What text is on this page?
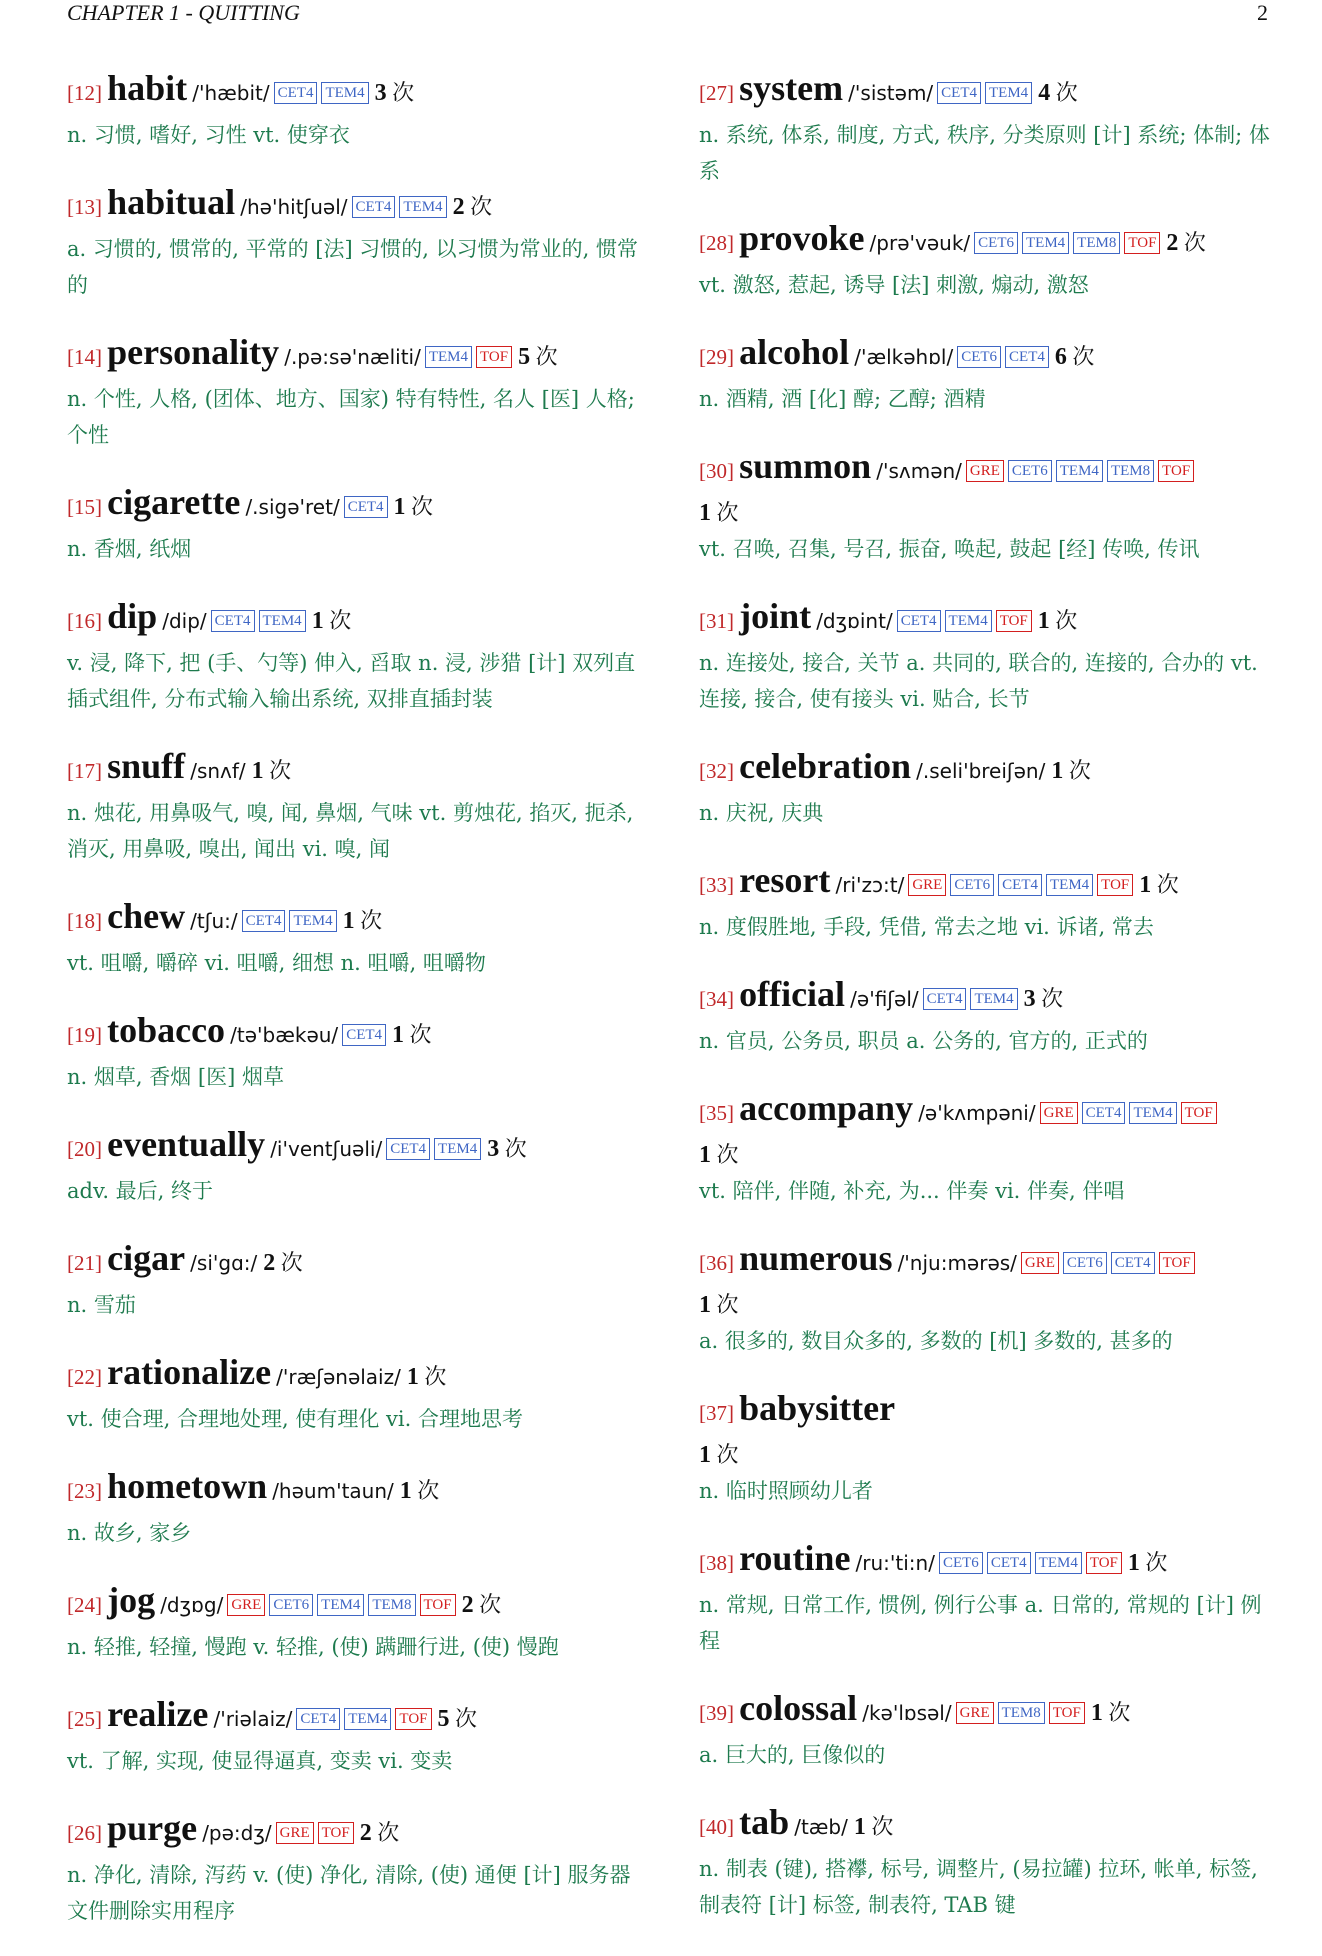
CHAPTER 1 - QUITTING	2
[12] habit /'hæbit/ CET4 TEM4 3 次
n. 习惯, 嗜好, 习性 vt. 使穿衣
[13] habitual /hə'hitʃuəl/ CET4 TEM4 2 次
a. 习惯的, 惯常的, 平常的 [法] 习惯的, 以习惯为常业的, 惯常的
[14] personality /.pə:sə'næliti/ TEM4 TOF 5 次
n. 个性, 人格, (团体、地方、国家) 特有特性, 名人 [医] 人格; 个性
[15] cigarette /.sigə'ret/ CET4 1 次
n. 香烟, 纸烟
[16] dip /dip/ CET4 TEM4 1 次
v. 浸, 降下, 把 (手、勺等) 伸入, 舀取 n. 浸, 涉猎 [计] 双列直插式组件, 分布式输入输出系统, 双排直插封装
[17] snuff /snʌf/ 1 次
n. 烛花, 用鼻吸气, 嗅, 闻, 鼻烟, 气味 vt. 剪烛花, 掐灭, 扼杀, 消灭, 用鼻吸, 嗅出, 闻出 vi. 嗅, 闻
[18] chew /tʃu:/ CET4 TEM4 1 次
vt. 咀嚼, 嚼碎 vi. 咀嚼, 细想 n. 咀嚼, 咀嚼物
[19] tobacco /tə'bækəu/ CET4 1 次
n. 烟草, 香烟 [医] 烟草
[20] eventually /i'ventʃuəli/ CET4 TEM4 3 次
adv. 最后, 终于
[21] cigar /si'gɑ:/ 2 次
n. 雪茄
[22] rationalize /'ræʃənəlaiz/ 1 次
vt. 使合理, 合理地处理, 使有理化 vi. 合理地思考
[23] hometown /həum'taun/ 1 次
n. 故乡, 家乡
[24] jog /dʒɒg/ GRE CET6 TEM4 TEM8 TOF 2 次
n. 轻推, 轻撞, 慢跑 v. 轻推, (使) 蹒跚行进, (使) 慢跑
[25] realize /'riəlaiz/ CET4 TEM4 TOF 5 次
vt. 了解, 实现, 使显得逼真, 变卖 vi. 变卖
[26] purge /pə:dʒ/ GRE TOF 2 次
n. 净化, 清除, 泻药 v. (使) 净化, 清除, (使) 通便 [计] 服务器文件删除实用程序
[27] system /'sistəm/ CET4 TEM4 4 次
n. 系统, 体系, 制度, 方式, 秩序, 分类原则 [计] 系统; 体制; 体系
[28] provoke /prə'vəuk/ CET6 TEM4 TEM8 TOF 2 次
vt. 激怒, 惹起, 诱导 [法] 刺激, 煽动, 激怒
[29] alcohol /'ælkəhɒl/ CET6 CET4 6 次
n. 酒精, 酒 [化] 醇; 乙醇; 酒精
[30] summon /'sʌmən/ GRE CET6 TEM4 TEM8 TOF
1 次
vt. 召唤, 召集, 号召, 振奋, 唤起, 鼓起 [经] 传唤, 传讯
[31] joint /dʒɒint/ CET4 TEM4 TOF 1 次
n. 连接处, 接合, 关节 a. 共同的, 联合的, 连接的, 合办的 vt. 连接, 接合, 使有接头 vi. 贴合, 长节
[32] celebration /.seli'breiʃən/ 1 次
n. 庆祝, 庆典
[33] resort /ri'zɔ:t/ GRE CET6 CET4 TEM4 TOF 1 次
n. 度假胜地, 手段, 凭借, 常去之地 vi. 诉诸, 常去
[34] official /ə'fiʃəl/ CET4 TEM4 3 次
n. 官员, 公务员, 职员 a. 公务的, 官方的, 正式的
[35] accompany /ə'kʌmpəni/ GRE CET4 TEM4 TOF
1 次
vt. 陪伴, 伴随, 补充, 为... 伴奏 vi. 伴奏, 伴唱
[36] numerous /'nju:mərəs/ GRE CET6 CET4 TOF
1 次
a. 很多的, 数目众多的, 多数的 [机] 多数的, 甚多的
[37] babysitter
1 次
n. 临时照顾幼儿者
[38] routine /ru:'ti:n/ CET6 CET4 TEM4 TOF 1 次
n. 常规, 日常工作, 惯例, 例行公事 a. 日常的, 常规的 [计] 例程
[39] colossal /kə'lɒsəl/ GRE TEM8 TOF 1 次
a. 巨大的, 巨像似的
[40] tab /tæb/ 1 次
n. 制表 (键), 搭襻, 标号, 调整片, (易拉罐) 拉环, 帐单, 标签, 制表符 [计] 标签, 制表符, TAB 键
